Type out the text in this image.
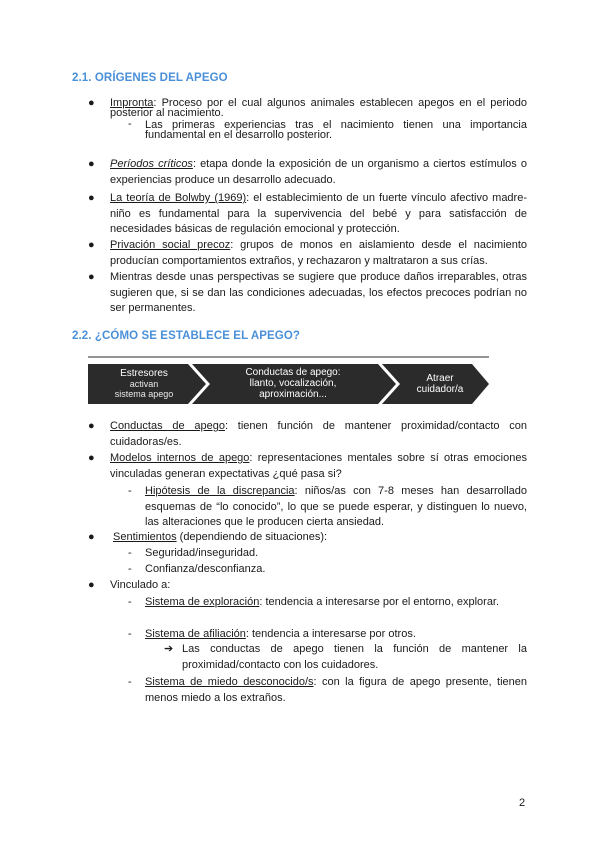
2.1. ORÍGENES DEL APEGO
● Impronta: Proceso por el cual algunos animales establecen apegos en el periodo posterior al nacimiento.
- Las primeras experiencias tras el nacimiento tienen una importancia fundamental en el desarrollo posterior.
● Períodos críticos: etapa donde la exposición de un organismo a ciertos estímulos o experiencias produce un desarrollo adecuado.
● La teoría de Bolwby (1969): el establecimiento de un fuerte vínculo afectivo madre-niño es fundamental para la supervivencia del bebé y para satisfacción de necesidades básicas de regulación emocional y protección.
● Privación social precoz: grupos de monos en aislamiento desde el nacimiento producían comportamientos extraños, y rechazaron y maltrataron a sus crías.
● Mientras desde unas perspectivas se sugiere que produce daños irreparables, otras sugieren que, si se dan las condiciones adecuadas, los efectos precoces podrían no ser permanentes.
2.2. ¿CÓMO SE ESTABLECE EL APEGO?
Estresores
activan
sistema apego
Conductas de apego:
llanto, vocalización,
aproximación...
Atraer
cuidador/a
● Conductas de apego: tienen función de mantener proximidad/contacto con cuidadoras/es.
● Modelos internos de apego: representaciones mentales sobre sí otras emociones vinculadas generan expectativas ¿qué pasa si?
- Hipótesis de la discrepancia: niños/as con 7-8 meses han desarrollado esquemas de “lo conocido”, lo que se puede esperar, y distinguen lo nuevo, las alteraciones que le producen cierta ansiedad.
● Sentimientos (dependiendo de situaciones):
- Seguridad/inseguridad.
- Confianza/desconfianza.
● Vinculado a:
- Sistema de exploración: tendencia a interesarse por el entorno, explorar.
- Sistema de afiliación: tendencia a interesarse por otros.
➔ Las conductas de apego tienen la función de mantener la proximidad/contacto con los cuidadores.
- Sistema de miedo desconocido/s: con la figura de apego presente, tienen menos miedo a los extraños.
2
